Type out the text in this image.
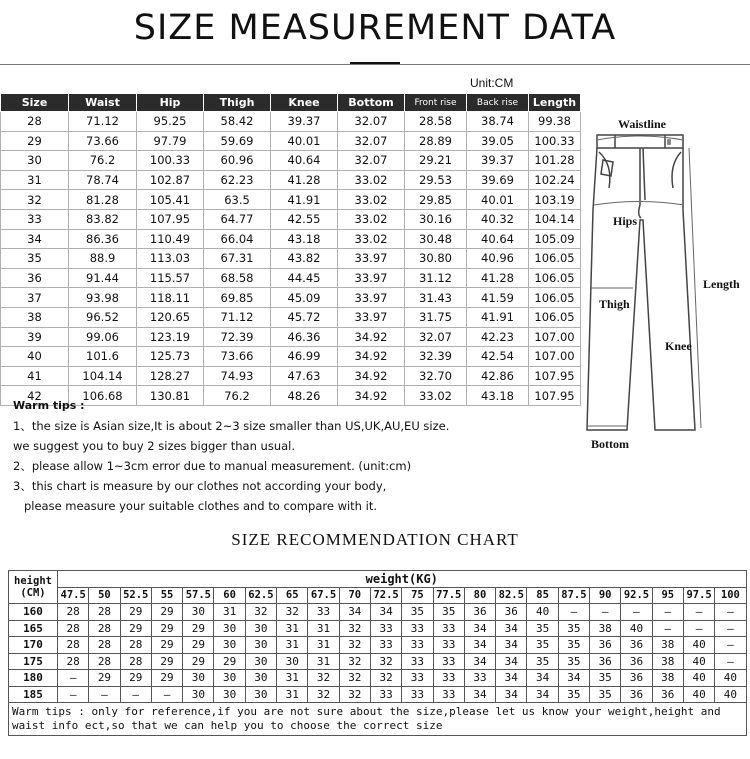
SIZE MEASUREMENT DATA
Unit:CM
Size	Waist	Hip	Thigh	Knee	Bottom	Front rise	Back rise	Length
28	71.12	95.25	58.42	39.37	32.07	28.58	38.74	99.38
29	73.66	97.79	59.69	40.01	32.07	28.89	39.05	100.33
30	76.2	100.33	60.96	40.64	32.07	29.21	39.37	101.28
31	78.74	102.87	62.23	41.28	33.02	29.53	39.69	102.24
32	81.28	105.41	63.5	41.91	33.02	29.85	40.01	103.19
33	83.82	107.95	64.77	42.55	33.02	30.16	40.32	104.14
34	86.36	110.49	66.04	43.18	33.02	30.48	40.64	105.09
35	88.9	113.03	67.31	43.82	33.97	30.80	40.96	106.05
36	91.44	115.57	68.58	44.45	33.97	31.12	41.28	106.05
37	93.98	118.11	69.85	45.09	33.97	31.43	41.59	106.05
38	96.52	120.65	71.12	45.72	33.97	31.75	41.91	106.05
39	99.06	123.19	72.39	46.36	34.92	32.07	42.23	107.00
40	101.6	125.73	73.66	46.99	34.92	32.39	42.54	107.00
41	104.14	128.27	74.93	47.63	34.92	32.70	42.86	107.95
42	106.68	130.81	76.2	48.26	34.92	33.02	43.18	107.95
Warm tips :
1、the size is Asian size,It is about 2~3 size smaller than US,UK,AU,EU size.
we suggest you to buy 2 sizes bigger than usual.
2、please allow 1~3cm error due to manual measurement. (unit:cm)
3、this chart is measure by our clothes not according your body,
please measure your suitable clothes and to compare with it.
Waistline
Hips
Length
Thigh
Knee
Bottom
SIZE RECOMMENDATION CHART
height
(CM)	weight(KG)																					
	47.5	50	52.5	55	57.5	60	62.5	65	67.5	70	72.5	75	77.5	80	82.5	85	87.5	90	92.5	95	97.5	100
160	28	28	29	29	30	31	32	32	33	34	34	35	35	36	36	40	—	—	—	—	—	—
165	28	28	29	29	29	30	30	31	31	32	33	33	33	34	34	35	35	38	40	—	—	—
170	28	28	28	29	29	30	30	31	31	32	33	33	33	34	34	35	35	36	36	38	40	—
175	28	28	28	29	29	29	30	30	31	32	32	33	33	34	34	35	35	36	36	38	40	—
180	—	29	29	29	30	30	30	31	32	32	32	33	33	33	34	34	34	35	36	38	40	40
185	—	—	—	—	30	30	30	31	32	32	33	33	33	34	34	34	35	35	36	36	40	40
Warm tips : only for reference,if you are not sure about the size,please let us know your weight,height and waist info ect,so that we can help you to choose the correct size																						
